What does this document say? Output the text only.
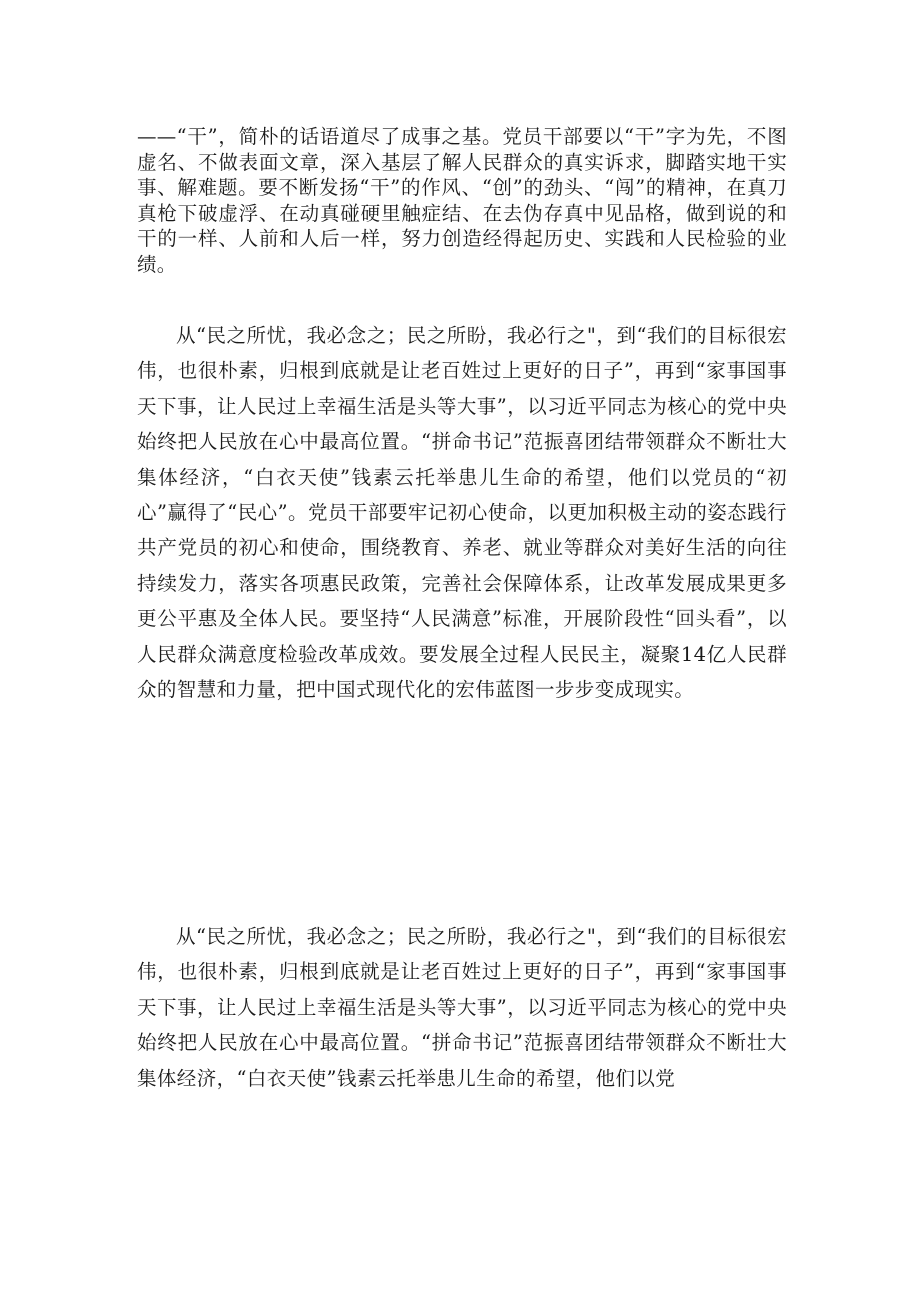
——“干”，简朴的话语道尽了成事之基。党员干部要以“干”字为先，不图虚名、不做表面文章，深入基层了解人民群众的真实诉求，脚踏实地干实事、解难题。要不断发扬“干”的作风、“创”的劲头、“闯”的精神，在真刀真枪下破虚浮、在动真碰硬里触症结、在去伪存真中见品格，做到说的和干的一样、人前和人后一样，努力创造经得起历史、实践和人民检验的业绩。

从“民之所忧，我必念之；民之所盼，我必行之"，到“我们的目标很宏伟，也很朴素，归根到底就是让老百姓过上更好的日子”，再到“家事国事天下事，让人民过上幸福生活是头等大事”，以习近平同志为核心的党中央始终把人民放在心中最高位置。“拼命书记”范振喜团结带领群众不断壮大集体经济，“白衣天使”钱素云托举患儿生命的希望，他们以党员的“初心”赢得了“民心”。党员干部要牢记初心使命，以更加积极主动的姿态践行共产党员的初心和使命，围绕教育、养老、就业等群众对美好生活的向往持续发力，落实各项惠民政策，完善社会保障体系，让改革发展成果更多更公平惠及全体人民。要坚持“人民满意”标准，开展阶段性“回头看”，以人民群众满意度检验改革成效。要发展全过程人民民主，凝聚14亿人民群众的智慧和力量，把中国式现代化的宏伟蓝图一步步变成现实。

从“民之所忧，我必念之；民之所盼，我必行之"，到“我们的目标很宏伟，也很朴素，归根到底就是让老百姓过上更好的日子”，再到“家事国事天下事，让人民过上幸福生活是头等大事”，以习近平同志为核心的党中央始终把人民放在心中最高位置。“拼命书记”范振喜团结带领群众不断壮大集体经济，“白衣天使”钱素云托举患儿生命的希望，他们以党
